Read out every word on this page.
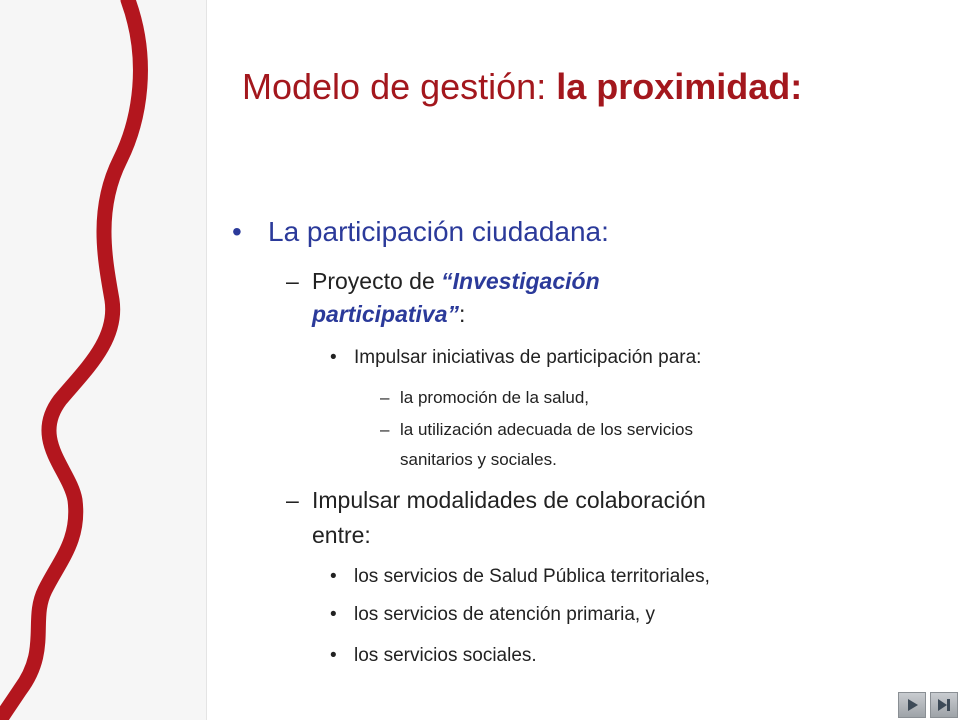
Modelo de gestión: la proximidad:
• La participación ciudadana:
– Proyecto de “Investigación
participativa”:
• Impulsar iniciativas de participación para:
– la promoción de la salud,
– la utilización adecuada de los servicios
sanitarios y sociales.
– Impulsar modalidades de colaboración
entre:
• los servicios de Salud Pública territoriales,
• los servicios de atención primaria, y
• los servicios sociales.
